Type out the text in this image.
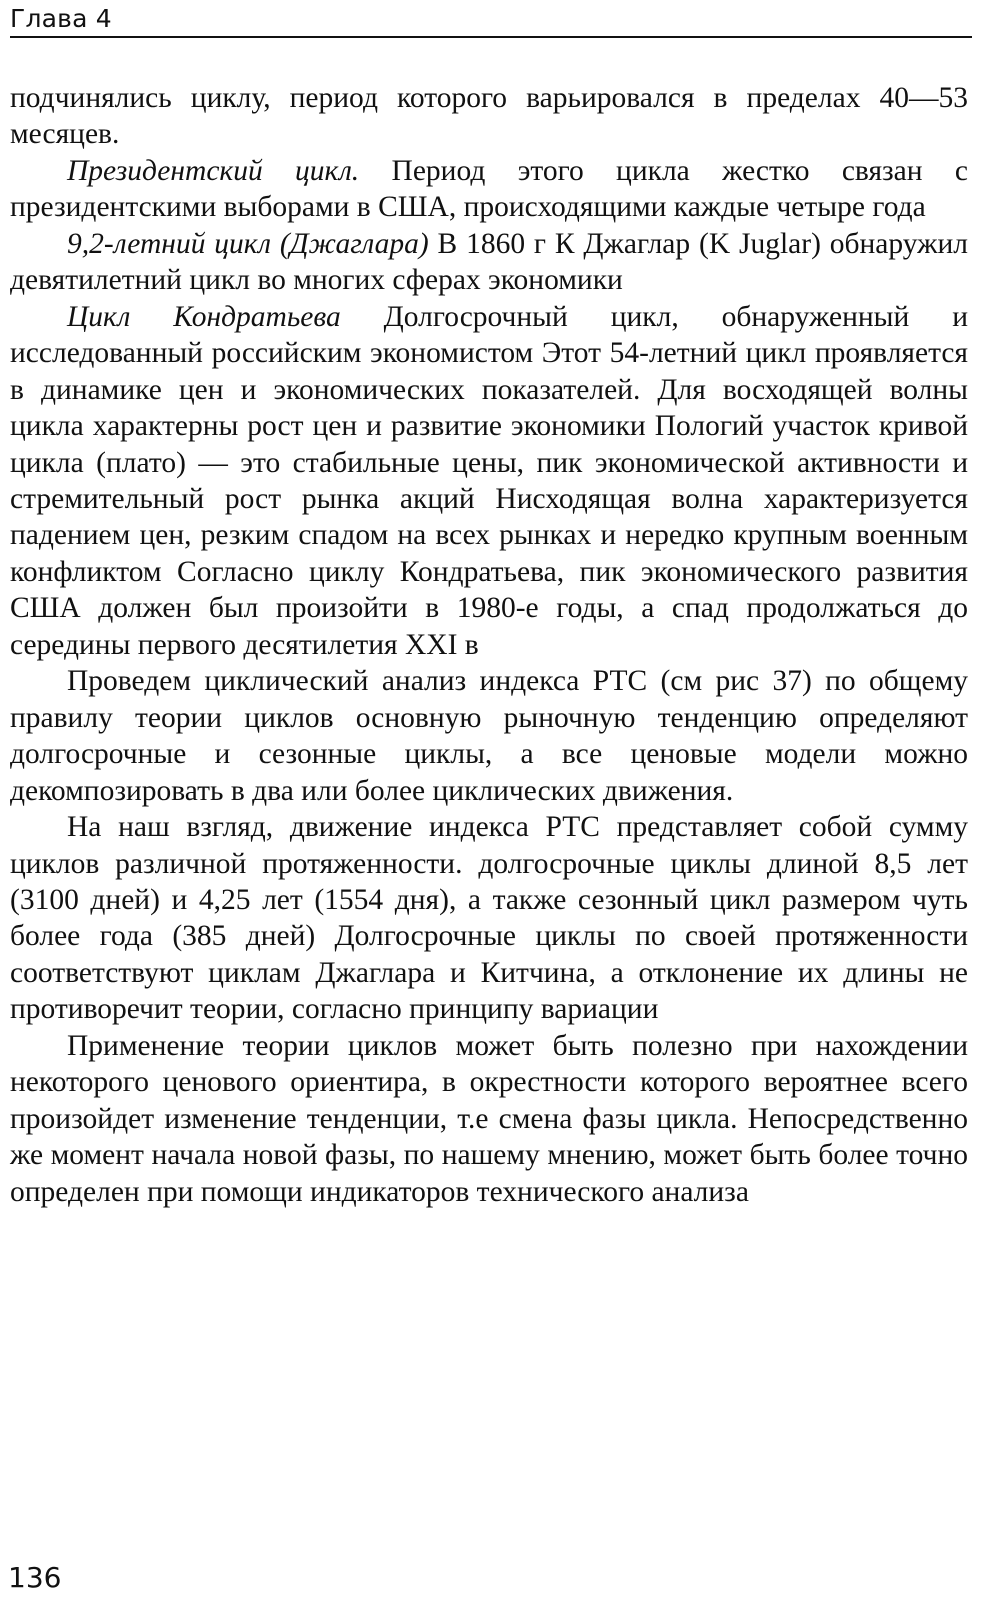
Глава 4

подчинялись циклу, период которого варьировался в пределах 40—53 месяцев.

Президентский цикл. Период этого цикла жестко связан с президентскими выборами в США, происходящими каждые четыре года

9,2-летний цикл (Джаглара) В 1860 г К Джаглар (K Juglar) обнаружил девятилетний цикл во многих сферах экономики

Цикл Кондратьева Долгосрочный цикл, обнаруженный и исследованный российским экономистом Этот 54-летний цикл проявляется в динамике цен и экономических показателей. Для восходящей волны цикла характерны рост цен и развитие экономики Пологий участок кривой цикла (плато) — это стабильные цены, пик экономической активности и стремительный рост рынка акций Нисходящая волна характеризуется падением цен, резким спадом на всех рынках и нередко крупным военным конфликтом Согласно циклу Кондратьева, пик экономического развития США должен был произойти в 1980-е годы, а спад продолжаться до середины первого десятилетия XXI в

Проведем циклический анализ индекса РТС (см рис 37) по общему правилу теории циклов основную рыночную тенденцию определяют долгосрочные и сезонные циклы, а все ценовые модели можно декомпозировать в два или более циклических движения.

На наш взгляд, движение индекса РТС представляет собой сумму циклов различной протяженности. долгосрочные циклы длиной 8,5 лет (3100 дней) и 4,25 лет (1554 дня), а также сезонный цикл размером чуть более года (385 дней) Долгосрочные циклы по своей протяженности соответствуют циклам Джаглара и Китчина, а отклонение их длины не противоречит теории, согласно принципу вариации

Применение теории циклов может быть полезно при нахождении некоторого ценового ориентира, в окрестности которого вероятнее всего произойдет изменение тенденции, т.е смена фазы цикла. Непосредственно же момент начала новой фазы, по нашему мнению, может быть более точно определен при помощи индикаторов технического анализа

136
